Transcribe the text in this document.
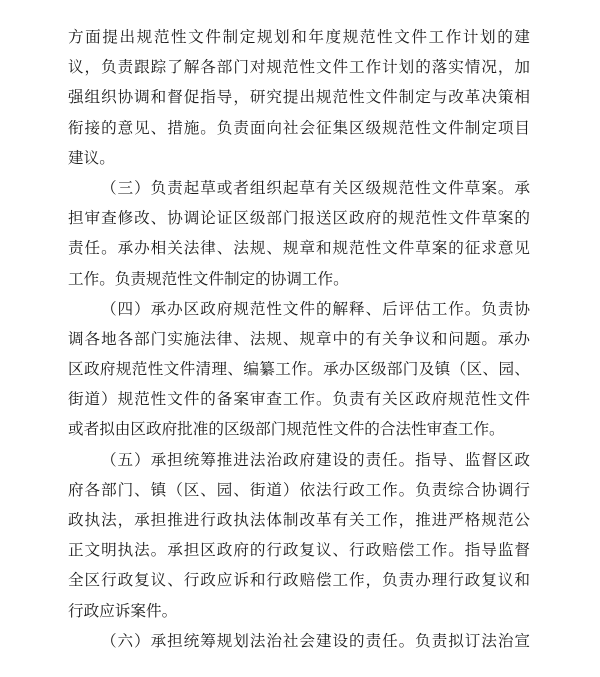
方面提出规范性文件制定规划和年度规范性文件工作计划的建
议，负责跟踪了解各部门对规范性文件工作计划的落实情况，加
强组织协调和督促指导，研究提出规范性文件制定与改革决策相
衔接的意见、措施。负责面向社会征集区级规范性文件制定项目
建议。
（三）负责起草或者组织起草有关区级规范性文件草案。承
担审查修改、协调论证区级部门报送区政府的规范性文件草案的
责任。承办相关法律、法规、规章和规范性文件草案的征求意见
工作。负责规范性文件制定的协调工作。
（四）承办区政府规范性文件的解释、后评估工作。负责协
调各地各部门实施法律、法规、规章中的有关争议和问题。承办
区政府规范性文件清理、编纂工作。承办区级部门及镇（区、园、
街道）规范性文件的备案审查工作。负责有关区政府规范性文件
或者拟由区政府批准的区级部门规范性文件的合法性审查工作。
（五）承担统筹推进法治政府建设的责任。指导、监督区政
府各部门、镇（区、园、街道）依法行政工作。负责综合协调行
政执法，承担推进行政执法体制改革有关工作，推进严格规范公
正文明执法。承担区政府的行政复议、行政赔偿工作。指导监督
全区行政复议、行政应诉和行政赔偿工作，负责办理行政复议和
行政应诉案件。
（六）承担统筹规划法治社会建设的责任。负责拟订法治宣
